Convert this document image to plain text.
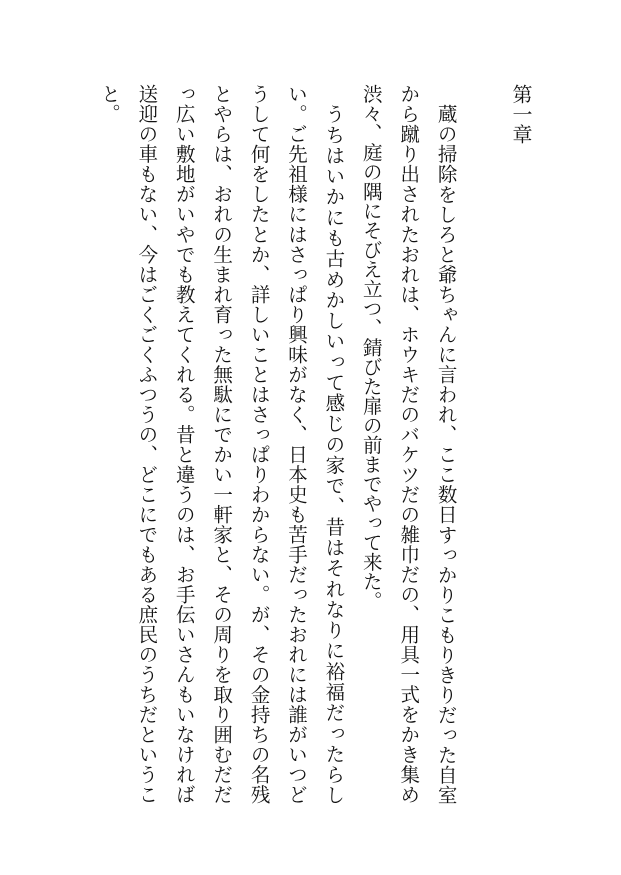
第一章

蔵の掃除をしろと爺ちゃんに言われ、ここ数日すっかりこもりきりだった自室から蹴り出されたおれは、ホウキだのバケツだの雑巾だの、用具一式をかき集め渋々、庭の隅にそびえ立つ、錆びた扉の前までやって来た。

うちはいかにも古めかしいって感じの家で、昔はそれなりに裕福だったらしい。ご先祖様にはさっぱり興味がなく、日本史も苦手だったおれには誰がいつどうして何をしたとか、詳しいことはさっぱりわからない。が、その金持ちの名残とやらは、おれの生まれ育った無駄にでかい一軒家と、その周りを取り囲むだだっ広い敷地がいやでも教えてくれる。昔と違うのは、お手伝いさんもいなければ送迎の車もない、今はごくごくふつうの、どこにでもある庶民のうちだということ。
